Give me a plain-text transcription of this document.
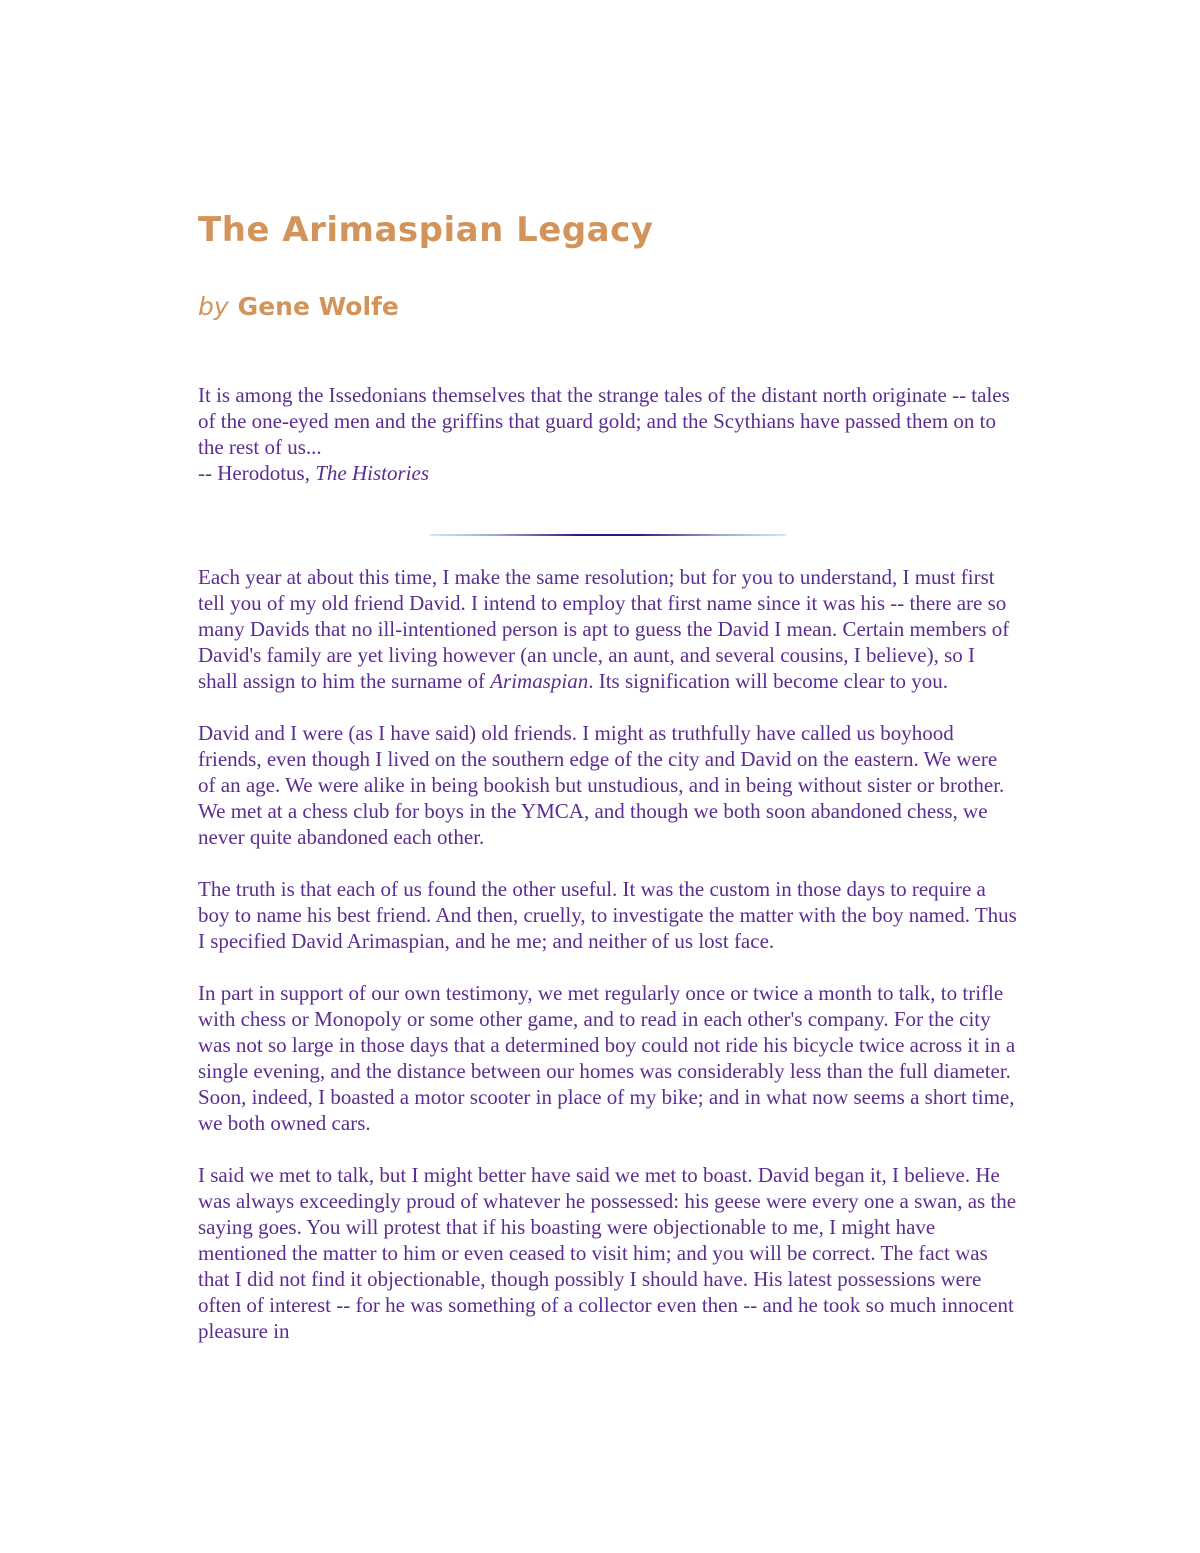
The Arimaspian Legacy
by Gene Wolfe
It is among the Issedonians themselves that the strange tales of the distant north originate -- tales of the one-eyed men and the griffins that guard gold; and the Scythians have passed them on to the rest of us...
-- Herodotus, The Histories

Each year at about this time, I make the same resolution; but for you to understand, I must first tell you of my old friend David. I intend to employ that first name since it was his -- there are so many Davids that no ill-intentioned person is apt to guess the David I mean. Certain members of David's family are yet living however (an uncle, an aunt, and several cousins, I believe), so I shall assign to him the surname of Arimaspian. Its signification will become clear to you.

David and I were (as I have said) old friends. I might as truthfully have called us boyhood friends, even though I lived on the southern edge of the city and David on the eastern. We were of an age. We were alike in being bookish but unstudious, and in being without sister or brother. We met at a chess club for boys in the YMCA, and though we both soon abandoned chess, we never quite abandoned each other.

The truth is that each of us found the other useful. It was the custom in those days to require a boy to name his best friend. And then, cruelly, to investigate the matter with the boy named. Thus I specified David Arimaspian, and he me; and neither of us lost face.

In part in support of our own testimony, we met regularly once or twice a month to talk, to trifle with chess or Monopoly or some other game, and to read in each other's company. For the city was not so large in those days that a determined boy could not ride his bicycle twice across it in a single evening, and the distance between our homes was considerably less than the full diameter. Soon, indeed, I boasted a motor scooter in place of my bike; and in what now seems a short time, we both owned cars.

I said we met to talk, but I might better have said we met to boast. David began it, I believe. He was always exceedingly proud of whatever he possessed: his geese were every one a swan, as the saying goes. You will protest that if his boasting were objectionable to me, I might have mentioned the matter to him or even ceased to visit him; and you will be correct. The fact was that I did not find it objectionable, though possibly I should have. His latest possessions were often of interest -- for he was something of a collector even then -- and he took so much innocent pleasure in
